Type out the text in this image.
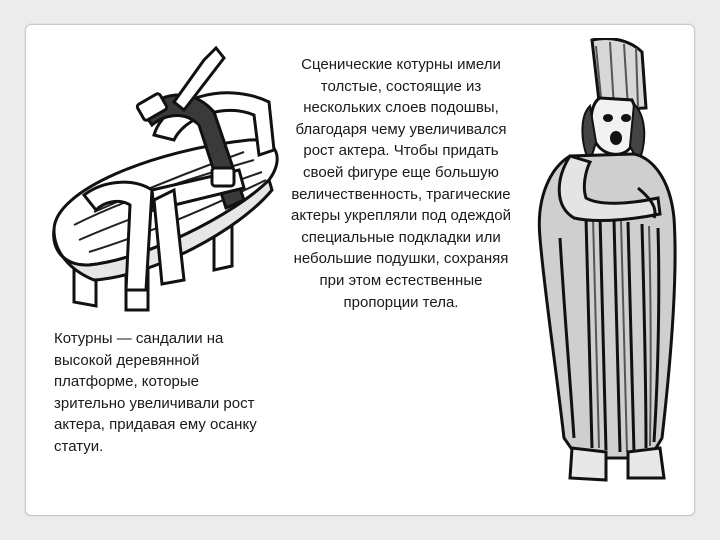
Котурны — сандалии на высокой деревянной платформе, которые зрительно увеличивали рост актера, придавая ему осанку статуи.
Сценические котурны имели толстые, состоящие из нескольких слоев подошвы, благодаря чему увеличивался рост актера. Чтобы придать своей фигуре еще большую величественность, трагические актеры укрепляли под одеждой специальные подкладки или небольшие подушки, сохраняя при этом естественные пропорции тела.
